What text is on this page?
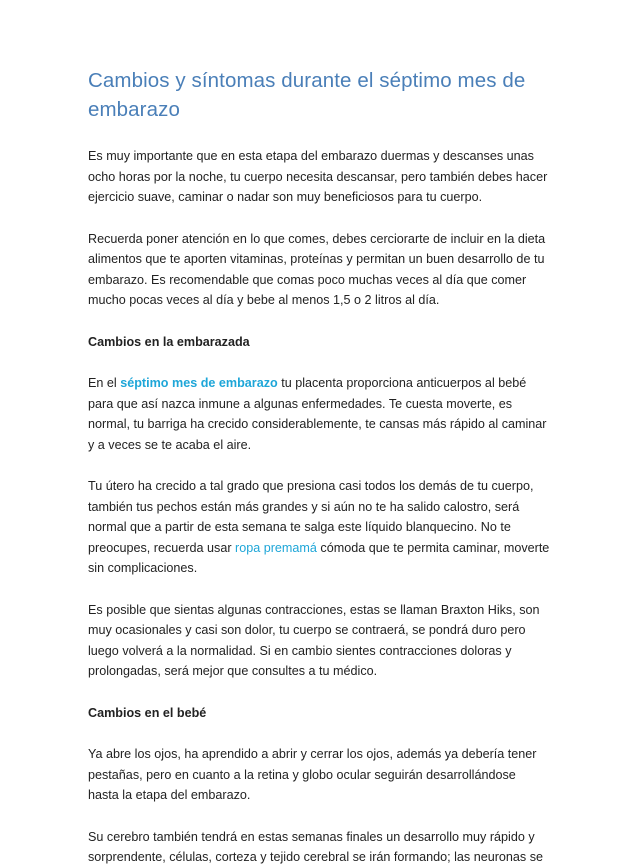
Cambios y síntomas durante el séptimo mes de embarazo

Es muy importante que en esta etapa del embarazo duermas y descanses unas ocho horas por la noche, tu cuerpo necesita descansar, pero también debes hacer ejercicio suave, caminar o nadar son muy beneficiosos para tu cuerpo.

Recuerda poner atención en lo que comes, debes cerciorarte de incluir en la dieta alimentos que te aporten vitaminas, proteínas y permitan un buen desarrollo de tu embarazo. Es recomendable que comas poco muchas veces al día que comer mucho pocas veces al día y bebe al menos 1,5 o 2 litros al día.

Cambios en la embarazada

En el séptimo mes de embarazo tu placenta proporciona anticuerpos al bebé para que así nazca inmune a algunas enfermedades. Te cuesta moverte, es normal, tu barriga ha crecido considerablemente, te cansas más rápido al caminar y a veces se te acaba el aire.

Tu útero ha crecido a tal grado que presiona casi todos los demás de tu cuerpo, también tus pechos están más grandes y si aún no te ha salido calostro, será normal que a partir de esta semana te salga este líquido blanquecino. No te preocupes, recuerda usar ropa premamá cómoda que te permita caminar, moverte sin complicaciones.

Es posible que sientas algunas contracciones, estas se llaman Braxton Hiks, son muy ocasionales y casi son dolor, tu cuerpo se contraerá, se pondrá duro pero luego volverá a la normalidad. Si en cambio sientes contracciones doloras y prolongadas, será mejor que consultes a tu médico.

Cambios en el bebé

Ya abre los ojos, ha aprendido a abrir y cerrar los ojos, además ya debería tener pestañas, pero en cuanto a la retina y globo ocular seguirán desarrollándose hasta la etapa del embarazo.

Su cerebro también tendrá en estas semanas finales un desarrollo muy rápido y sorprendente, células, corteza y tejido cerebral se irán formando; las neuronas se
